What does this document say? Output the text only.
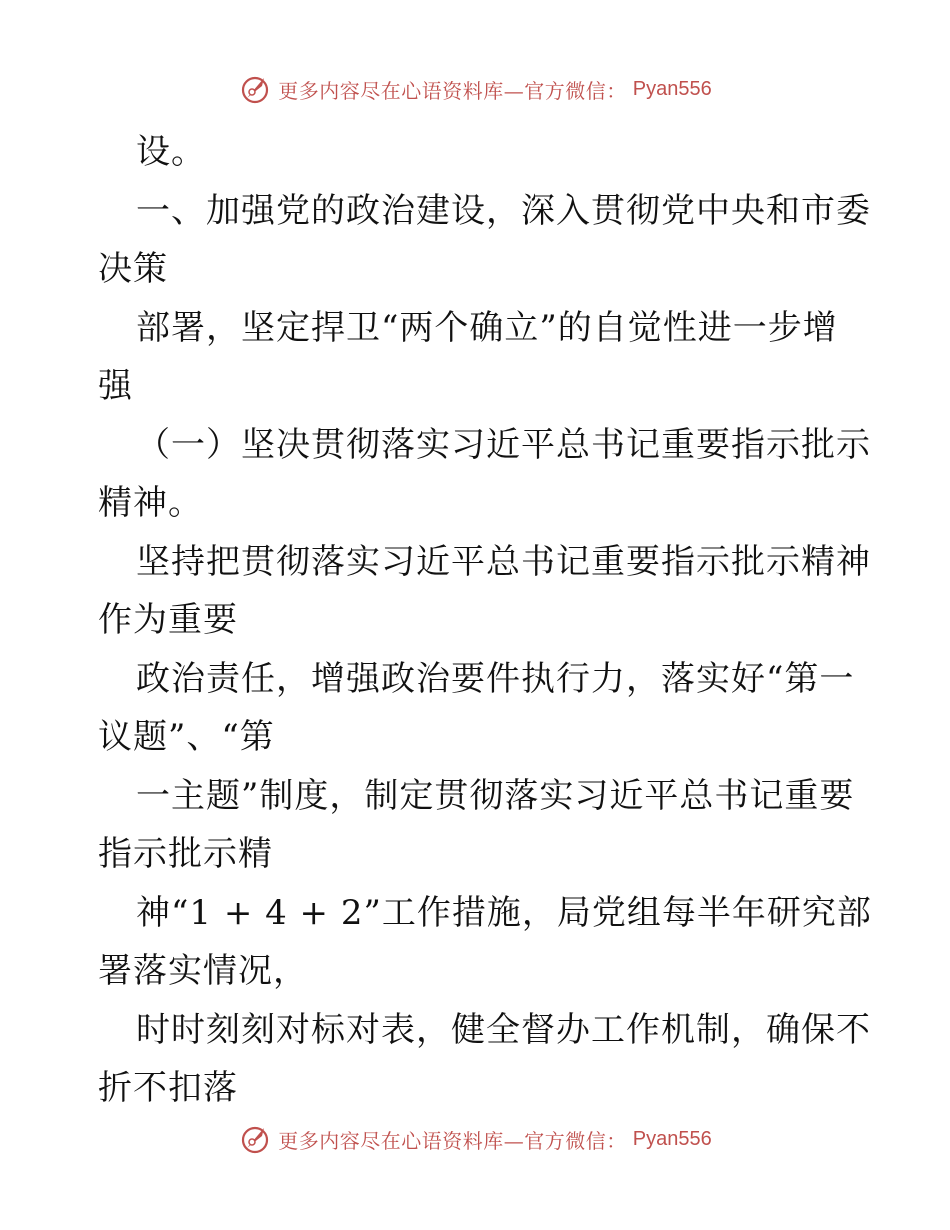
更多内容尽在心语资料库—官方微信： Pyan556
设。
一、加强党的政治建设，深入贯彻党中央和市委
决策
部署，坚定捍卫“两个确立”的自觉性进一步增
强
（一）坚决贯彻落实习近平总书记重要指示批示
精神。
坚持把贯彻落实习近平总书记重要指示批示精神
作为重要
政治责任，增强政治要件执行力，落实好“第一
议题”、“第
一主题”制度，制定贯彻落实习近平总书记重要
指示批示精
神“1 + 4 + 2”工作措施，局党组每半年研究部
署落实情况，
时时刻刻对标对表，健全督办工作机制，确保不
折不扣落
更多内容尽在心语资料库—官方微信： Pyan556
